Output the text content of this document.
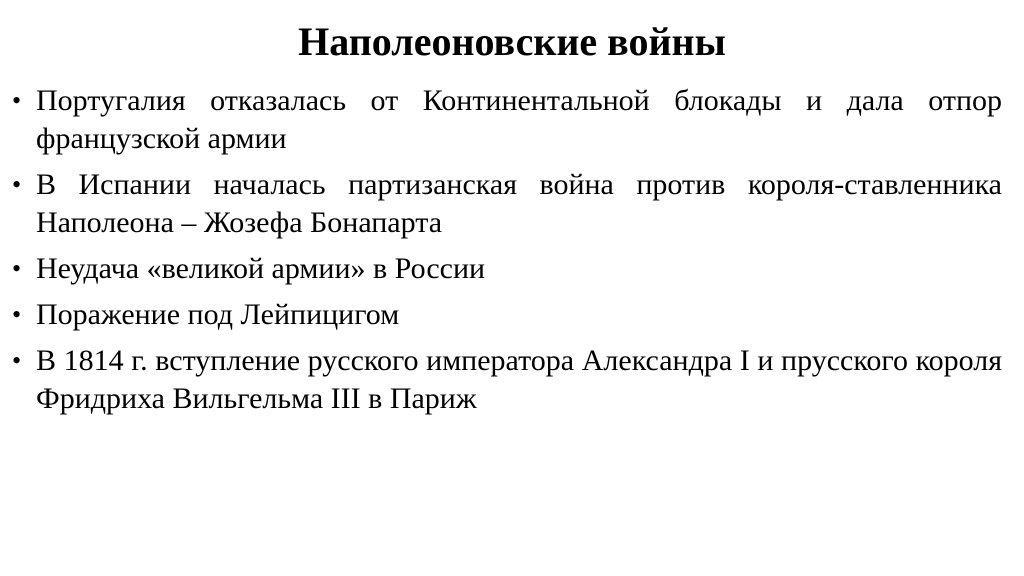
Наполеоновские войны
• Португалия отказалась от Континентальной блокады и дала отпор французской армии
• В Испании началась партизанская война против короля-ставленника Наполеона – Жозефа Бонапарта
• Неудача «великой армии» в России
• Поражение под Лейпицигом
• В 1814 г. вступление русского императора Александра I и прусского короля Фридриха Вильгельма III в Париж
